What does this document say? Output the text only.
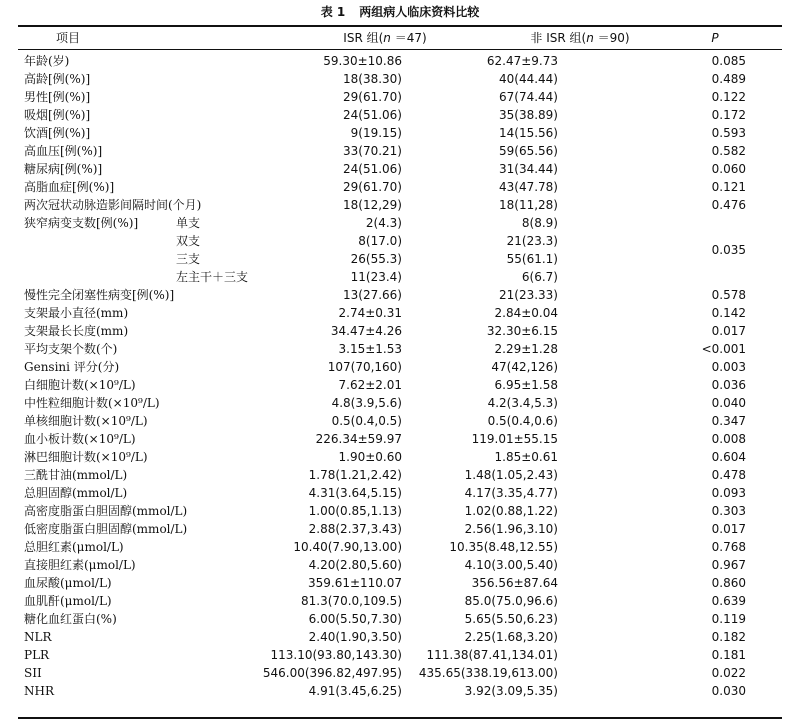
表 1 两组病人临床资料比较
项目	ISR 组(n ＝47)	非 ISR 组(n ＝90)	P
年龄(岁)	59.30±10.86	62.47±9.73	0.085
高龄[例(%)]	18(38.30)	40(44.44)	0.489
男性[例(%)]	29(61.70)	67(74.44)	0.122
吸烟[例(%)]	24(51.06)	35(38.89)	0.172
饮酒[例(%)]	9(19.15)	14(15.56)	0.593
高血压[例(%)]	33(70.21)	59(65.56)	0.582
糖尿病[例(%)]	24(51.06)	31(34.44)	0.060
高脂血症[例(%)]	29(61.70)	43(47.78)	0.121
两次冠状动脉造影间隔时间(个月)	18(12,29)	18(11,28)	0.476
狭窄病变支数[例(%)]	单支	2(4.3)	8(8.9)
双支	8(17.0)	21(23.3)
0.035
三支	26(55.3)	55(61.1)
左主干＋三支	11(23.4)	6(6.7)
慢性完全闭塞性病变[例(%)]	13(27.66)	21(23.33)	0.578
支架最小直径(mm)	2.74±0.31	2.84±0.04	0.142
支架最长长度(mm)	34.47±4.26	32.30±6.15	0.017
平均支架个数(个)	3.15±1.53	2.29±1.28	<0.001
Gensini 评分(分)	107(70,160)	47(42,126)	0.003
白细胞计数(×10⁹/L)	7.62±2.01	6.95±1.58	0.036
中性粒细胞计数(×10⁹/L)	4.8(3.9,5.6)	4.2(3.4,5.3)	0.040
单核细胞计数(×10⁹/L)	0.5(0.4,0.5)	0.5(0.4,0.6)	0.347
血小板计数(×10⁹/L)	226.34±59.97	119.01±55.15	0.008
淋巴细胞计数(×10⁹/L)	1.90±0.60	1.85±0.61	0.604
三酰甘油(mmol/L)	1.78(1.21,2.42)	1.48(1.05,2.43)	0.478
总胆固醇(mmol/L)	4.31(3.64,5.15)	4.17(3.35,4.77)	0.093
高密度脂蛋白胆固醇(mmol/L)	1.00(0.85,1.13)	1.02(0.88,1.22)	0.303
低密度脂蛋白胆固醇(mmol/L)	2.88(2.37,3.43)	2.56(1.96,3.10)	0.017
总胆红素(μmol/L)	10.40(7.90,13.00)	10.35(8.48,12.55)	0.768
直接胆红素(μmol/L)	4.20(2.80,5.60)	4.10(3.00,5.40)	0.967
血尿酸(μmol/L)	359.61±110.07	356.56±87.64	0.860
血肌酐(μmol/L)	81.3(70.0,109.5)	85.0(75.0,96.6)	0.639
糖化血红蛋白(%)	6.00(5.50,7.30)	5.65(5.50,6.23)	0.119
NLR	2.40(1.90,3.50)	2.25(1.68,3.20)	0.182
PLR	113.10(93.80,143.30)	111.38(87.41,134.01)	0.181
SII	546.00(396.82,497.95) 435.65(338.19,613.00)	0.022
NHR	4.91(3.45,6.25)	3.92(3.09,5.35)	0.030
